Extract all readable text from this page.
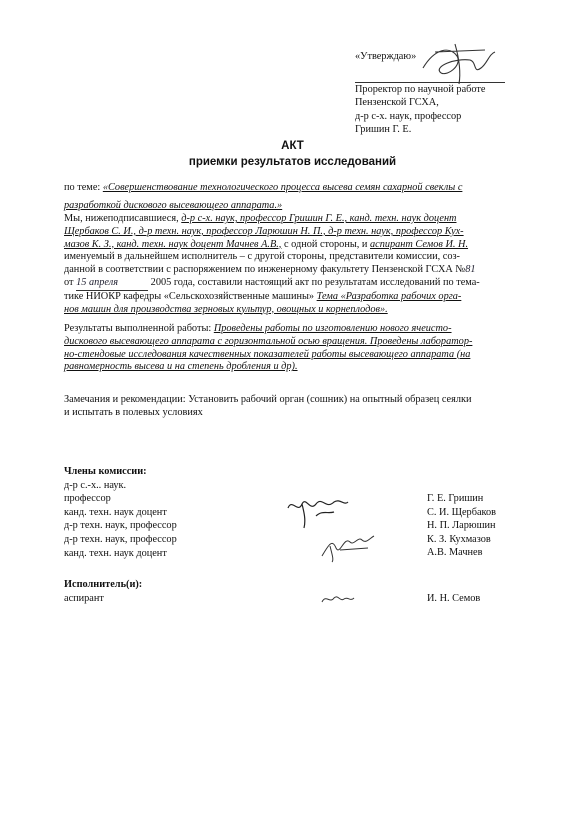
«Утверждаю»
Проректор по научной работе
Пензенской ГСХА,
д-р с-х. наук, профессор
Гришин Г. Е.
АКТ
приемки результатов исследований
по теме: «Совершенствование технологического процесса высева семян сахарной свеклы с
разработкой дискового высевающего аппарата.»
Мы, нижеподписавшиеся, д-р с-х. наук, профессор Гришин Г. Е., канд. техн. наук доцент
Щербаков С. И., д-р техн. наук, профессор Ларюшин Н. П., д-р техн. наук, профессор Кух-
мазов К. З., канд. техн. наук доцент Мачнев А.В., с одной стороны, и аспирант Семов И. Н.
именуемый в дальнейшем исполнитель – с другой стороны, представители комиссии, соз-
данной в соответствии с распоряжением по инженерному факультету Пензенской ГСХА №81
от 15 апреля	2005 года, составили настоящий акт по результатам исследований по тема-
тике НИОКР кафедры «Сельскохозяйственные машины» Тема «Разработка рабочих орга-
нов машин для производства зерновых культур, овощных и корнеплодов».
Результаты выполненной работы: Проведены работы по изготовлению нового ячеисто-
дискового высевающего аппарата с горизонтальной осью вращения. Проведены лаборатор-
но-стендовые исследования качественных показателей работы высевающего аппарата (на
равномерность высева и на степень дробления и др).
Замечания и рекомендации: Установить рабочий орган (сошник) на опытный образец сеялки
и испытать в полевых условиях
Члены комиссии:
д-р с.-х.. наук.
профессор
канд. техн. наук доцент
д-р техн. наук, профессор
д-р техн. наук, профессор
канд. техн. наук доцент
Г. Е. Гришин
С. И. Щербаков
Н. П. Ларюшин
К. З. Кухмазов
А.В. Мачнев
Исполнитель(и):
аспирант	И. Н. Семов
